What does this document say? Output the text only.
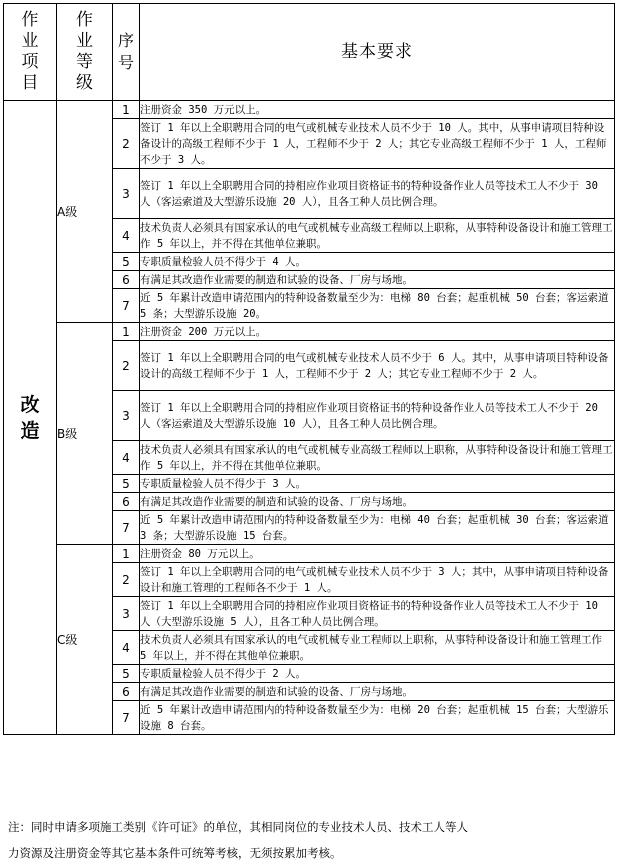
作业项目	作业等级	序号	基本要求

改造	A级	1	注册资金 350 万元以上。
		2	签订 1 年以上全职聘用合同的电气或机械专业技术人员不少于 10 人。其中，从事申请项目特种设备设计的高级工程师不少于 1 人，工程师不少于 2 人；其它专业高级工程师不少于 1 人，工程师不少于 3 人。
		3	签订 1 年以上全职聘用合同的持相应作业项目资格证书的特种设备作业人员等技术工人不少于 30 人（客运索道及大型游乐设施 20 人），且各工种人员比例合理。
		4	技术负责人必须具有国家承认的电气或机械专业高级工程师以上职称，从事特种设备设计和施工管理工作 5 年以上，并不得在其他单位兼职。
		5	专职质量检验人员不得少于 4 人。
		6	有满足其改造作业需要的制造和试验的设备、厂房与场地。
		7	近 5 年累计改造申请范围内的特种设备数量至少为：电梯 80 台套；起重机械 50 台套；客运索道 5 条；大型游乐设施 20。
	B级	1	注册资金 200 万元以上。
		2	签订 1 年以上全职聘用合同的电气或机械专业技术人员不少于 6 人。其中，从事申请项目特种设备设计的高级工程师不少于 1 人，工程师不少于 2 人；其它专业工程师不少于 2 人。
		3	签订 1 年以上全职聘用合同的持相应作业项目资格证书的特种设备作业人员等技术工人不少于 20 人（客运索道及大型游乐设施 10 人），且各工种人员比例合理。
		4	技术负责人必须具有国家承认的电气或机械专业高级工程师以上职称，从事特种设备设计和施工管理工作 5 年以上，并不得在其他单位兼职。
		5	专职质量检验人员不得少于 3 人。
		6	有满足其改造作业需要的制造和试验的设备、厂房与场地。
		7	近 5 年累计改造申请范围内的特种设备数量至少为：电梯 40 台套；起重机械 30 台套；客运索道 3 条；大型游乐设施 15 台套。
	C级	1	注册资金 80 万元以上。
		2	签订 1 年以上全职聘用合同的电气或机械专业技术人员不少于 3 人；其中，从事申请项目特种设备设计和施工管理的工程师各不少于 1 人。
		3	签订 1 年以上全职聘用合同的持相应作业项目资格证书的特种设备作业人员等技术工人不少于 10 人（大型游乐设施 5 人），且各工种人员比例合理。
		4	技术负责人必须具有国家承认的电气或机械专业工程师以上职称，从事特种设备设计和施工管理工作 5 年以上，并不得在其他单位兼职。
		5	专职质量检验人员不得少于 2 人。
		6	有满足其改造作业需要的制造和试验的设备、厂房与场地。
		7	近 5 年累计改造申请范围内的特种设备数量至少为：电梯 20 台套；起重机械 15 台套；大型游乐设施 8 台套。
注：同时申请多项施工类别《许可证》的单位，其相同岗位的专业技术人员、技术工人等人
力资源及注册资金等其它基本条件可统筹考核，无须按累加考核。
